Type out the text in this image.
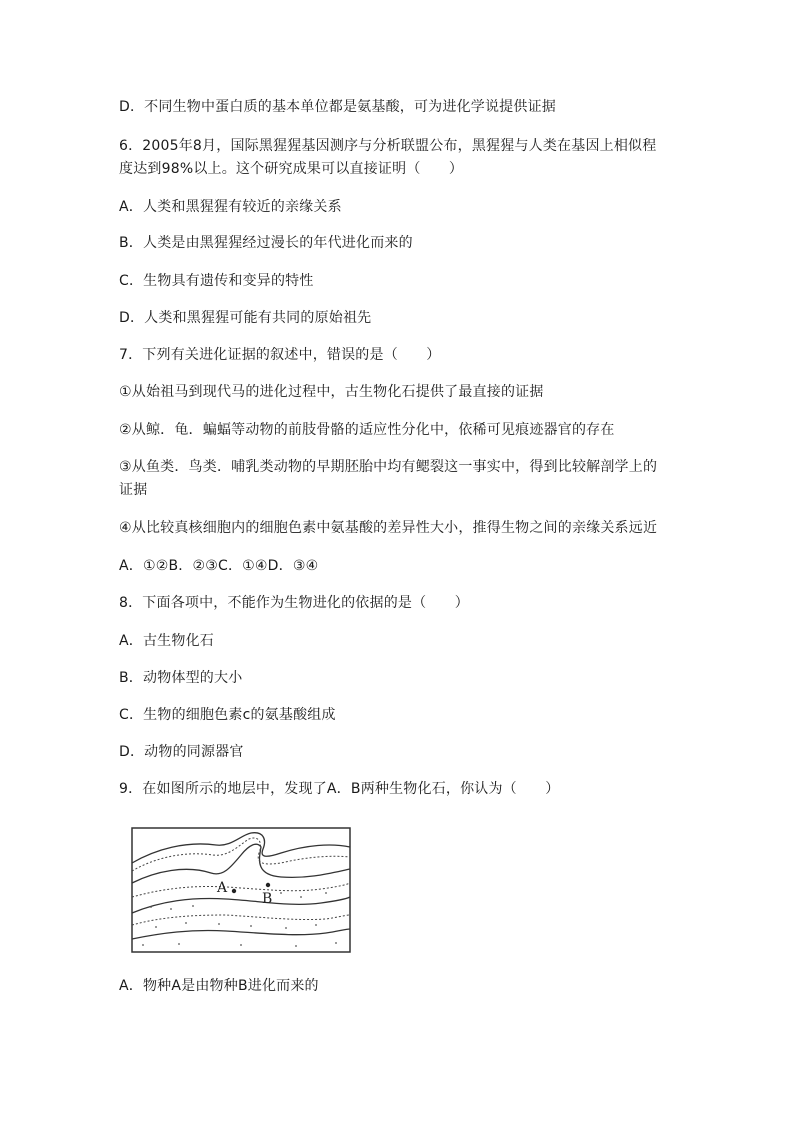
D．不同生物中蛋白质的基本单位都是氨基酸，可为进化学说提供证据
6．2005年8月，国际黑猩猩基因测序与分析联盟公布，黑猩猩与人类在基因上相似程
度达到98%以上。这个研究成果可以直接证明（　　）
A．人类和黑猩猩有较近的亲缘关系
B．人类是由黑猩猩经过漫长的年代进化而来的
C．生物具有遗传和变异的特性
D．人类和黑猩猩可能有共同的原始祖先
7．下列有关进化证据的叙述中，错误的是（　　）
①从始祖马到现代马的进化过程中，古生物化石提供了最直接的证据
②从鲸．龟．蝙蝠等动物的前肢骨骼的适应性分化中，依稀可见痕迹器官的存在
③从鱼类．鸟类．哺乳类动物的早期胚胎中均有鳃裂这一事实中，得到比较解剖学上的
证据
④从比较真核细胞内的细胞色素中氨基酸的差异性大小，推得生物之间的亲缘关系远近
A．①②B．②③C．①④D．③④
8．下面各项中，不能作为生物进化的依据的是（　　）
A．古生物化石
B．动物体型的大小
C．生物的细胞色素c的氨基酸组成
D．动物的同源器官
9．在如图所示的地层中，发现了A．B两种生物化石，你认为（　　）
A
B
A．物种A是由物种B进化而来的
